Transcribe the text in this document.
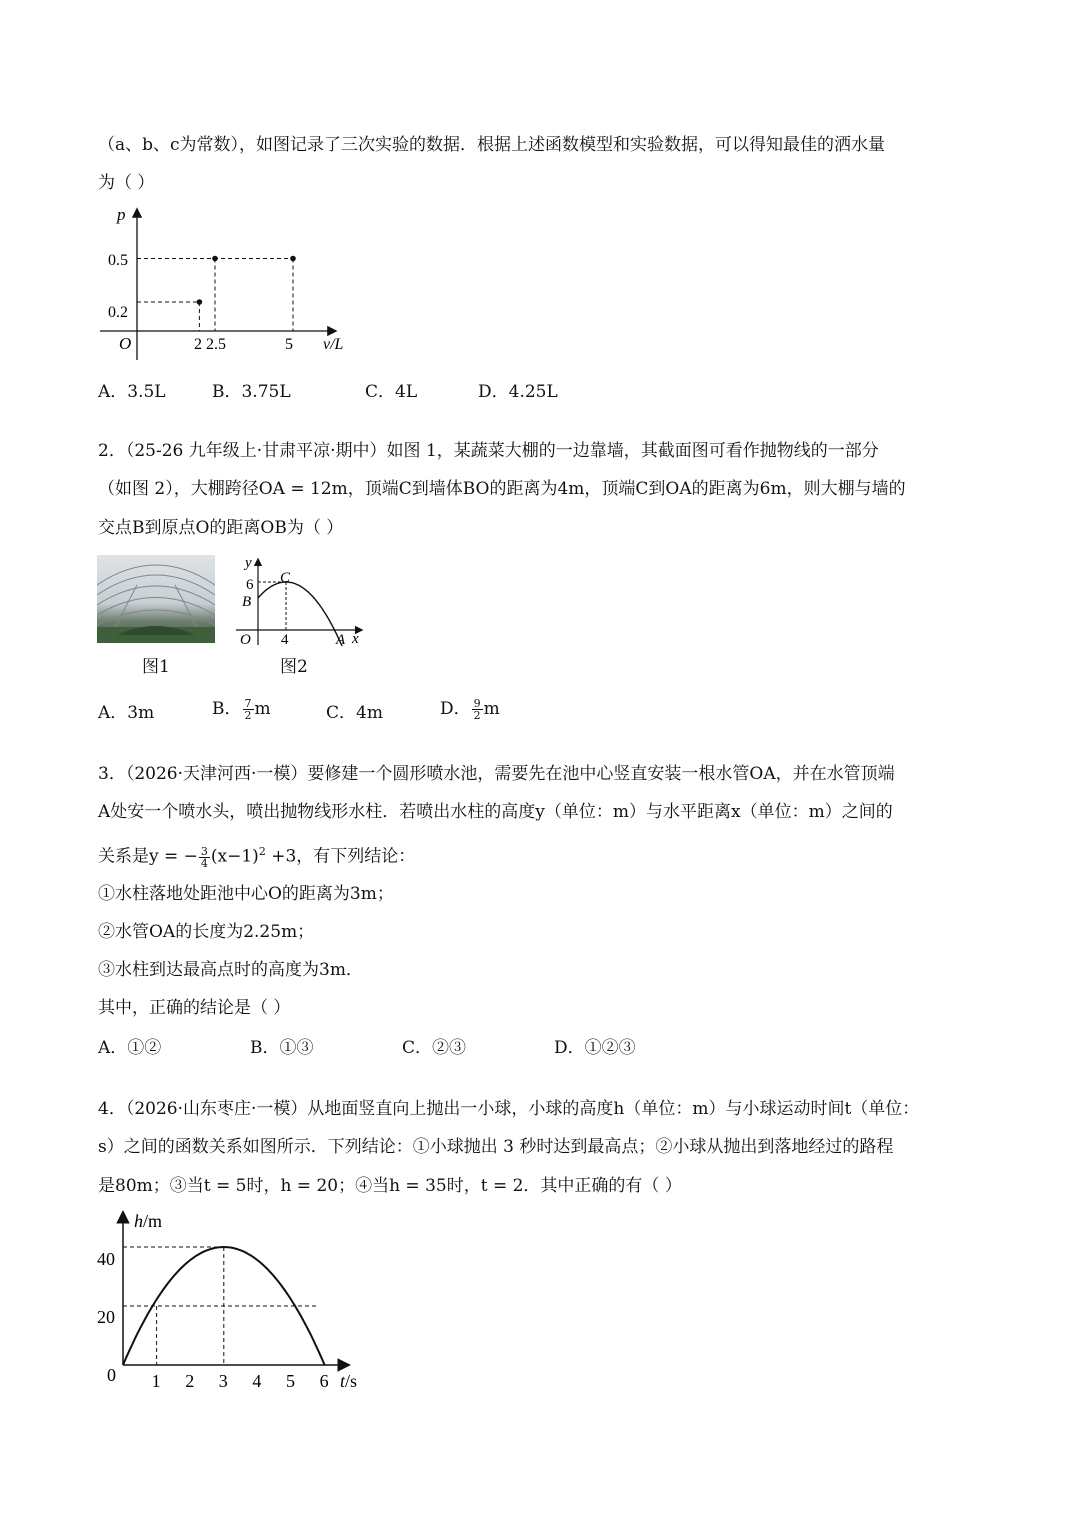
（a、b、c为常数），如图记录了三次实验的数据．根据上述函数模型和实验数据，可以得知最佳的洒水量
为（ ）
p
O
0.5
0.2
2 2.5	5 v/L
A．3.5L	B．3.75L	C．4L	D．4.25L
2．（25-26 九年级上·甘肃平凉·期中）如图 1，某蔬菜大棚的一边靠墙，其截面图可看作抛物线的一部分
（如图 2），大棚跨径OA = 12m，顶端C到墙体BO的距离为4m，顶端C到OA的距离为6m，则大棚与墙的
交点B到原点O的距离OB为（ ）
图1
y
6 C
B
O 4	A x
图2
A．3m	B． $\frac{7}{2}$ m	C．4m	D． $\frac{9}{2}$ m
3．（2026·天津河西·一模）要修建一个圆形喷水池，需要先在池中心竖直安装一根水管OA，并在水管顶端
A处安一个喷水头，喷出抛物线形水柱．若喷出水柱的高度y（单位：m）与水平距离x（单位：m）之间的
关系是y = − $\frac{3}{4} (x-1)^2 +3$，有下列结论：
①水柱落地处距池中心O的距离为3m；
②水管OA的长度为2.25m；
③水柱到达最高点时的高度为3m．
其中，正确的结论是（ ）
A．①②	B．①③	C．②③	D．①②③
4．（2026·山东枣庄·一模）从地面竖直向上抛出一小球，小球的高度h（单位：m）与小球运动时间t（单位：
s）之间的函数关系如图所示．下列结论：①小球抛出 3 秒时达到最高点；②小球从抛出到落地经过的路程
是80m；③当t = 5时，h = 20；④当h = 35时，t = 2．其中正确的有（ ）
1 2 3 4 5 6
h/m
40
20
0	t/s
